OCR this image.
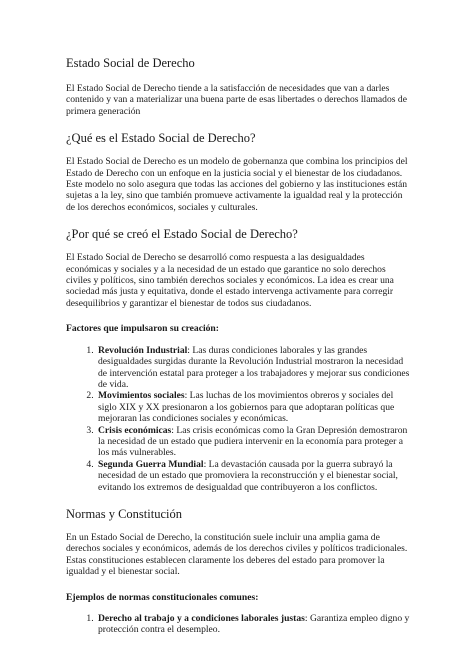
Estado Social de Derecho

El Estado Social de Derecho tiende a la satisfacción de necesidades que van a darles contenido y van a materializar una buena parte de esas libertades o derechos llamados de primera generación

¿Qué es el Estado Social de Derecho?

El Estado Social de Derecho es un modelo de gobernanza que combina los principios del Estado de Derecho con un enfoque en la justicia social y el bienestar de los ciudadanos. Este modelo no solo asegura que todas las acciones del gobierno y las instituciones están sujetas a la ley, sino que también promueve activamente la igualdad real y la protección de los derechos económicos, sociales y culturales.

¿Por qué se creó el Estado Social de Derecho?

El Estado Social de Derecho se desarrolló como respuesta a las desigualdades económicas y sociales y a la necesidad de un estado que garantice no solo derechos civiles y políticos, sino también derechos sociales y económicos. La idea es crear una sociedad más justa y equitativa, donde el estado intervenga activamente para corregir desequilibrios y garantizar el bienestar de todos sus ciudadanos.

Factores que impulsaron su creación:

1. Revolución Industrial: Las duras condiciones laborales y las grandes desigualdades surgidas durante la Revolución Industrial mostraron la necesidad de intervención estatal para proteger a los trabajadores y mejorar sus condiciones de vida.
2. Movimientos sociales: Las luchas de los movimientos obreros y sociales del siglo XIX y XX presionaron a los gobiernos para que adoptaran políticas que mejoraran las condiciones sociales y económicas.
3. Crisis económicas: Las crisis económicas como la Gran Depresión demostraron la necesidad de un estado que pudiera intervenir en la economía para proteger a los más vulnerables.
4. Segunda Guerra Mundial: La devastación causada por la guerra subrayó la necesidad de un estado que promoviera la reconstrucción y el bienestar social, evitando los extremos de desigualdad que contribuyeron a los conflictos.
Normas y Constitución

En un Estado Social de Derecho, la constitución suele incluir una amplia gama de derechos sociales y económicos, además de los derechos civiles y políticos tradicionales. Estas constituciones establecen claramente los deberes del estado para promover la igualdad y el bienestar social.

Ejemplos de normas constitucionales comunes:

1. Derecho al trabajo y a condiciones laborales justas: Garantiza empleo digno y protección contra el desempleo.
